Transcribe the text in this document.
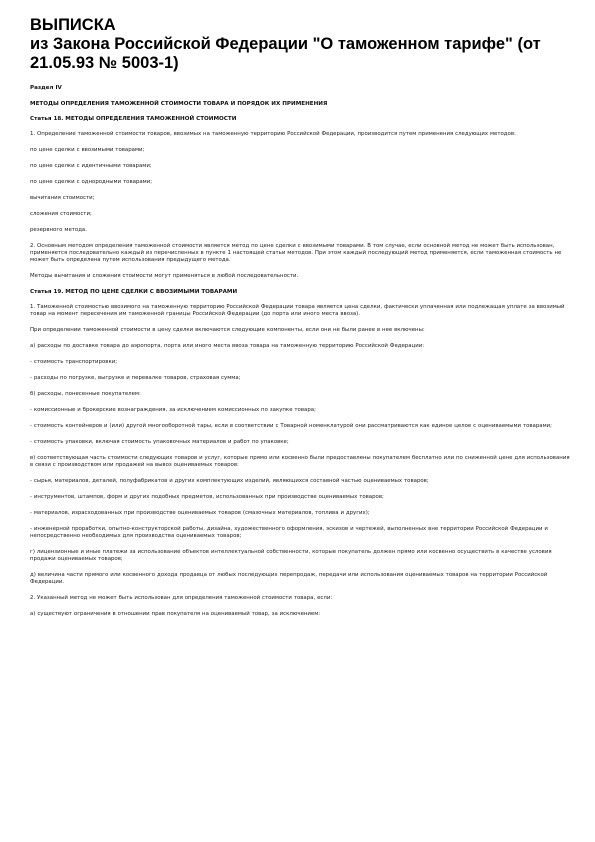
ВЫПИСКА
из Закона Российской Федерации "О таможенном тарифе" (от 21.05.93 № 5003-1)
Раздел IV
МЕТОДЫ ОПРЕДЕЛЕНИЯ ТАМОЖЕННОЙ СТОИМОСТИ ТОВАРА И ПОРЯДОК ИХ ПРИМЕНЕНИЯ
Статья 18. МЕТОДЫ ОПРЕДЕЛЕНИЯ ТАМОЖЕННОЙ СТОИМОСТИ
1. Определение таможенной стоимости товаров, ввозимых на таможенную территорию Российской Федерации, производится путем применения следующих методов:
по цене сделки с ввозимыми товарами;
по цене сделки с идентичными товарами;
по цене сделки с однородными товарами;
вычитания стоимости;
сложения стоимости;
резервного метода.
2. Основным методом определения таможенной стоимости является метод по цене сделки с ввозимыми товарами. В том случае, если основной метод не может быть использован, применяется последовательно каждый из перечисленных в пункте 1 настоящей статьи методов. При этом каждый последующий метод применяется, если таможенная стоимость не может быть определена путем использования предыдущего метода.
Методы вычитания и сложения стоимости могут применяться в любой последовательности.
Статья 19. МЕТОД ПО ЦЕНЕ СДЕЛКИ С ВВОЗИМЫМИ ТОВАРАМИ
1. Таможенной стоимостью ввозимого на таможенную территорию Российской Федерации товара является цена сделки, фактически уплаченная или подлежащая уплате за ввозимый товар на момент пересечения им таможенной границы Российской Федерации (до порта или иного места ввоза).
При определении таможенной стоимости в цену сделки включаются следующие компоненты, если они не были ранее в нее включены:
а) расходы по доставке товара до аэропорта, порта или иного места ввоза товара на таможенную территорию Российской Федерации:
- стоимость транспортировки;
- расходы по погрузке, выгрузке и перевалке товаров, страховая сумма;
б) расходы, понесенные покупателем:
- комиссионные и брокерские вознаграждения, за исключением комиссионных по закупке товара;
- стоимость контейнеров и (или) другой многооборотной тары, если в соответствии с Товарной номенклатурой они рассматриваются как единое целое с оцениваемыми товарами;
- стоимость упаковки, включая стоимость упаковочных материалов и работ по упаковке;
в) соответствующая часть стоимости следующих товаров и услуг, которые прямо или косвенно были предоставлены покупателем бесплатно или по сниженной цене для использования в связи с производством или продажей на вывоз оцениваемых товаров:
- сырья, материалов, деталей, полуфабрикатов и других комплектующих изделий, являющихся составной частью оцениваемых товаров;
- инструментов, штампов, форм и других подобных предметов, использованных при производстве оцениваемых товаров;
- материалов, израсходованных при производстве оцениваемых товаров (смазочных материалов, топлива и других);
- инженерной проработки, опытно-конструкторской работы, дизайна, художественного оформления, эскизов и чертежей, выполненных вне территории Российской Федерации и непосредственно необходимых для производства оцениваемых товаров;
г) лицензионные и иные платежи за использование объектов интеллектуальной собственности, которые покупатель должен прямо или косвенно осуществить в качестве условия продажи оцениваемых товаров;
д) величина части прямого или косвенного дохода продавца от любых последующих перепродаж, передачи или использования оцениваемых товаров на территории Российской Федерации.
2. Указанный метод не может быть использован для определения таможенной стоимости товара, если:
а) существуют ограничения в отношении прав покупателя на оцениваемый товар, за исключением:
